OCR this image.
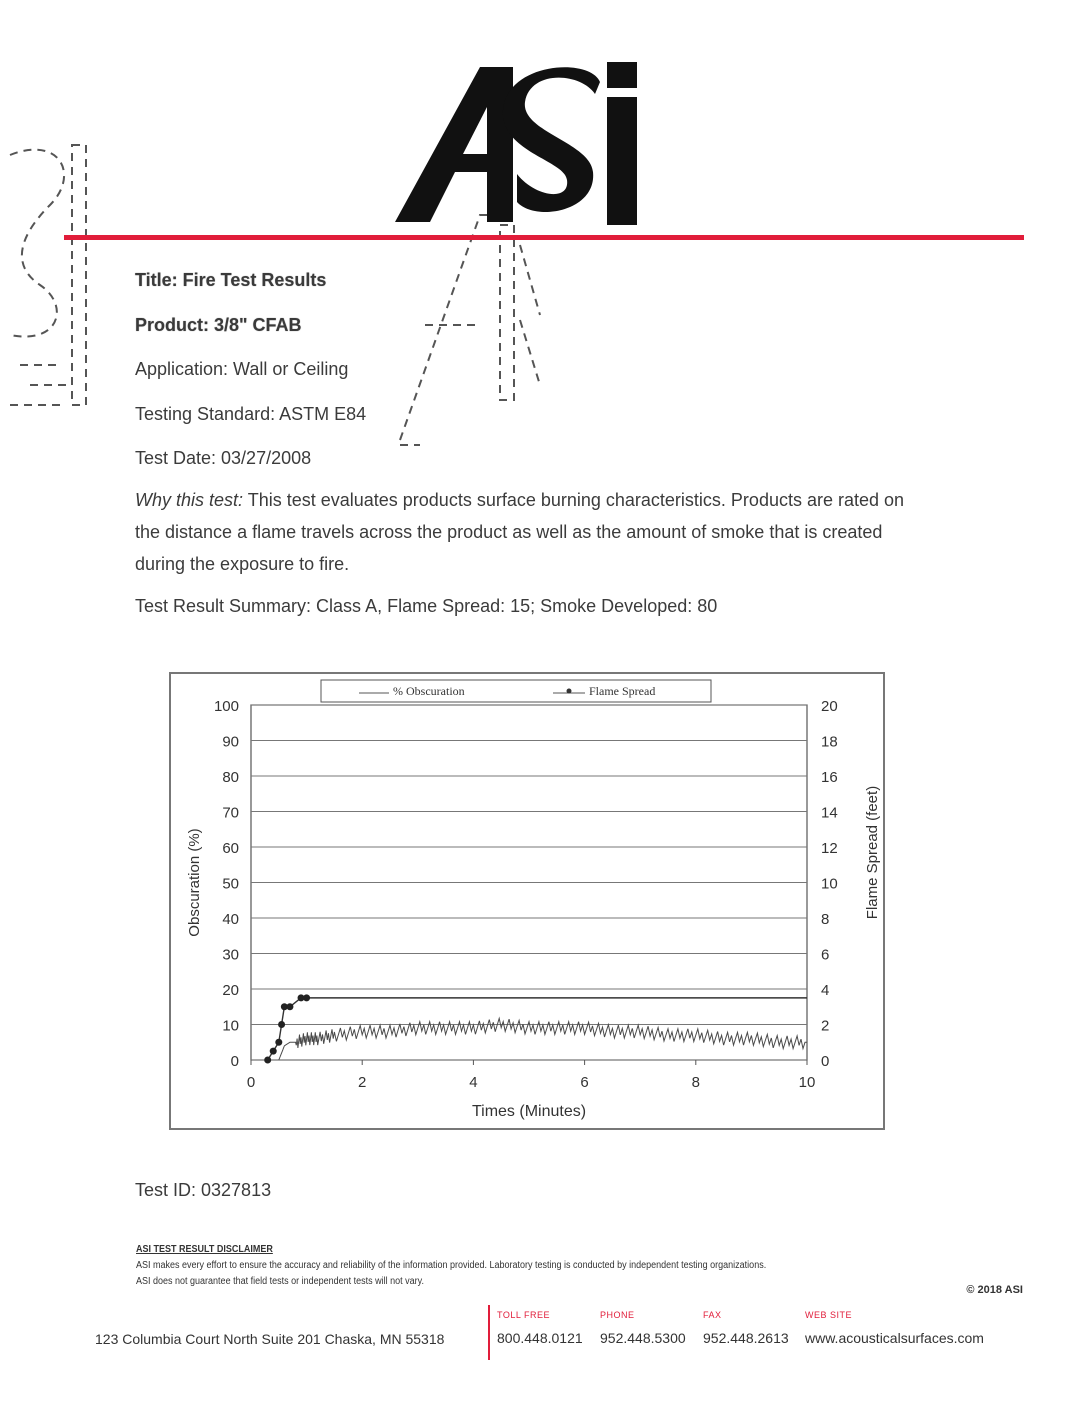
Title: Fire Test Results
Product: 3/8" CFAB
Application: Wall or Ceiling
Testing Standard: ASTM E84
Test Date: 03/27/2008
Why this test: This test evaluates products surface burning characteristics. Products are rated on the distance a flame travels across the product as well as the amount of smoke that is created during the exposure to fire.
Test Result Summary: Class A, Flame Spread: 15; Smoke Developed: 80
0
10
20
30
40
50
60
70
80
90
100
0
2
4
6
8
10
12
14
16
18
20
0	2	4	6	8	10
Times (Minutes)
Obscuration (%)	Flame Spread (feet)
% Obscuration	Flame Spread
Test ID: 0327813
ASI TEST RESULT DISCLAIMER
ASI makes every effort to ensure the accuracy and reliability of the information provided. Laboratory testing is conducted by independent testing organizations.
ASI does not guarantee that field tests or independent tests will not vary.
© 2018 ASI
123 Columbia Court North Suite 201 Chaska, MN 55318
TOLL FREE
800.448.0121
PHONE
952.448.5300
FAX
952.448.2613
WEB SITE
www.acousticalsurfaces.com
